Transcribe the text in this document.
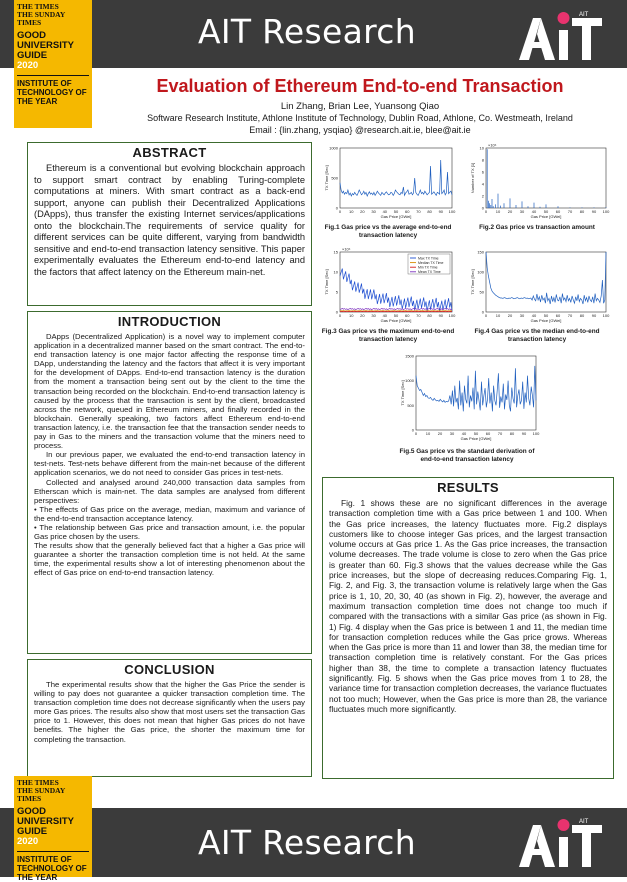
AIT Research
THE TIMES
THE SUNDAY TIMES
GOOD UNIVERSITY GUIDE
2020
INSTITUTE OF TECHNOLOGY OF THE YEAR
AIT
Evaluation of Ethereum End-to-end Transaction
Lin Zhang, Brian Lee, Yuansong Qiao
Software Research Institute, Athlone Institute of Technology, Dublin Road, Athlone, Co. Westmeath, Ireland
Email : {lin.zhang, ysqiao} @research.ait.ie, blee@ait.ie
ABSTRACT

Ethereum is a conventional but evolving blockchain approach to support smart contract by enabling Turing-complete computations at miners. With smart contract as a back-end support, anyone can publish their Decentralized Applications (DApps), thus transfer the existing Internet services/applications onto the blockchain.The requirements of service quality for different services can be quite different, varying from bandwidth sensitive and end-to-end transaction latency sensitive. This paper experimentally evaluates the Ethereum end-to-end latency and the factors that affect latency on the Ethereum main-net.

INTRODUCTION

DApps (Decentralized Application) is a novel way to implement computer application in a decentralized manner based on the smart contract. The end-to-end transaction latency is one major factor affecting the response time of a DApp, understanding the latency and the factors that affect it is very important for the development of DApps. End-to-end transaction latency is the duration from the moment a transaction being sent out by the client to the time the transaction being recorded on the blockchain. End-to-end transaction latency is caused by the process that the transaction is sent by the client, broadcasted across the network, queued in Ethereum miners, and finally recorded in the blockchain. Generally speaking, two factors affect Ethereum end-to-end transaction latency, i.e. the transaction fee that the transaction sender needs to pay in Gas to the miners and the transaction volume that the miners need to process.

In our previous paper, we evaluated the end-to-end transaction latency in test-nets. Test-nets behave different from the main-net because of the different application scenarios, we do not need to consider Gas prices in test-nets.

Collected and analysed around 240,000 transaction data samples from Etherscan which is main-net. The data samples are analysed from different perspectives:

• The effects of Gas price on the average, median, maximum and variance of the end-to-end transaction acceptance latency.

• The relationship between Gas price and transaction amount, i.e. the popular Gas price chosen by the users.

The results show that the generally believed fact that a higher a Gas price will guarantee a shorter the transaction completion time is not held. At the same time, the experimental results show a lot of interesting phenomenon about the effect of Gas price on end-to-end transaction latency.

CONCLUSION

The experimental results show that the higher the Gas Price the sender is willing to pay does not guarantee a quicker transaction completion time. The transaction completion time does not decrease significantly when the users pay more Gas prices. The results also show that most users set the transaction Gas price to 1. However, this does not mean that higher Gas prices do not have benefits. The higher the Gas price, the shorter the maximum time for completing the transaction.

RESULTS

Fig. 1 shows these are no significant differences in the average transaction completion time with a Gas price between 1 and 100. When the Gas price increases, the latency fluctuates more. Fig.2 displays customers like to choose integer Gas prices, and the largest transaction volume occurs at Gas price 1. As the Gas price increases, the transaction volume decreases. The trade volume is close to zero when the Gas price is greater than 60. Fig.3 shows that the values decrease while the Gas price increases, but the slope of decreasing reduces.Comparing Fig. 1, Fig. 2, and Fig. 3, the transaction volume is relatively large when the Gas price is 1, 10, 20, 30, 40 (as shown in Fig. 2), however, the average and maximum transaction completion time does not change too much if compared with the transactions with a similar Gas price (as shown in Fig. 1) Fig. 4 display when the Gas price is between 1 and 11, the median time for transaction completion reduces while the Gas price grows. Whereas when the Gas price is more than 11 and lower than 38, the median time for transaction completion time is relatively constant. For the Gas prices higher than 38, the time to complete a transaction latency fluctuates significantly. Fig. 5 shows when the Gas price moves from 1 to 28, the variance time for transaction completion decreases, the variance fluctuates not too much; However, when the Gas price is more than 28, the variance fluctuates much more significantly.

0 10 20 30 40 50 60 70 80 90 100
0
500
1000
Gas Price [GWei]
TX Time [Sec]
Fig.1 Gas price vs the average end-to-end transaction latency
0 10 20 30 40 50 60 70 80 90 100
0
2
4
6
8
10
Gas Price [GWei]
Number of TX [1]
×10⁴
Fig.2 Gas price vs transaction amount
0 10 20 30 40 50 60 70 80 90 100
0
5
10
15
Gas Price [GWei]
TX Time [Sec]
×10⁴
Max TX Time
Median TX Time
Min TX Time
Mean TX Time
Fig.3 Gas price vs the maximum end-to-end transaction latency
0 10 20 30 40 50 60 70 80 90 100
0
50
100
150
Gas Price [GWei]
TX Time [Sec]
Fig.4 Gas price vs the median end-to-end transaction latency
0 10 20 30 40 50 60 70 80 90 100
0
500
1000
1500
Gas Price [GWei]
TX Time [Sec]
Fig.5 Gas price vs the standard derivation of end-to-end transaction latency
AIT Research
THE TIMES
THE SUNDAY TIMES
GOOD UNIVERSITY GUIDE
2020
INSTITUTE OF TECHNOLOGY OF THE YEAR
AIT
